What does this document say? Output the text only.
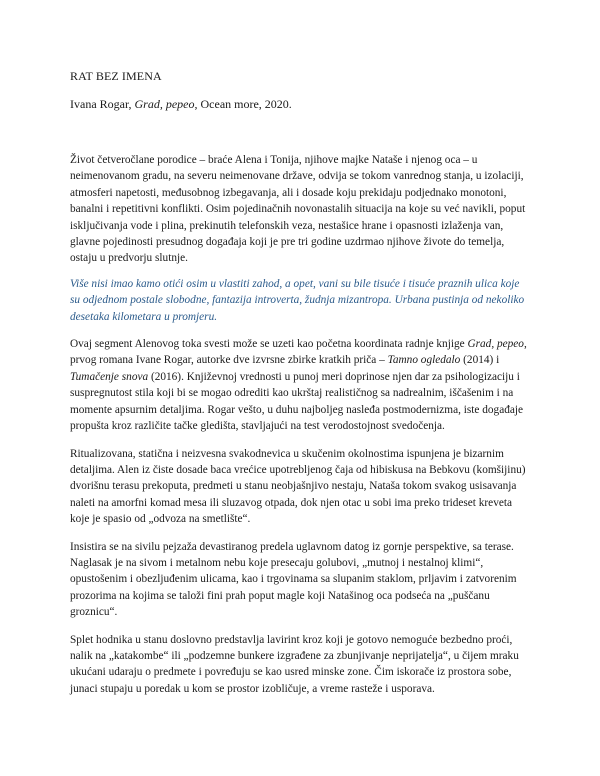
RAT BEZ IMENA

Ivana Rogar, Grad, pepeo, Ocean more, 2020.

Život četveročlane porodice – braće Alena i Tonija, njihove majke Nataše i njenog oca – u neimenovanom gradu, na severu neimenovane države, odvija se tokom vanrednog stanja, u izolaciji, atmosferi napetosti, međusobnog izbegavanja, ali i dosade koju prekidaju podjednako monotoni, banalni i repetitivni konflikti. Osim pojedinačnih novonastalih situacija na koje su već navikli, poput isključivanja vode i plina, prekinutih telefonskih veza, nestašice hrane i opasnosti izlaženja van, glavne pojedinosti presudnog događaja koji je pre tri godine uzdrmao njihove živote do temelja, ostaju u predvorju slutnje.

Više nisi imao kamo otići osim u vlastiti zahod, a opet, vani su bile tisuće i tisuće praznih ulica koje su odjednom postale slobodne, fantazija introverta, žudnja mizantropa. Urbana pustinja od nekoliko desetaka kilometara u promjeru.

Ovaj segment Alenovog toka svesti može se uzeti kao početna koordinata radnje knjige Grad, pepeo, prvog romana Ivane Rogar, autorke dve izvrsne zbirke kratkih priča – Tamno ogledalo (2014) i Tumačenje snova (2016). Književnoj vrednosti u punoj meri doprinose njen dar za psihologizaciju i suspregnutost stila koji bi se mogao odrediti kao ukrštaj realističnog sa nadrealnim, iščašenim i na momente apsurnim detaljima. Rogar vešto, u duhu najboljeg nasleđa postmodernizma, iste događaje propušta kroz različite tačke gledišta, stavljajući na test verodostojnost svedočenja.

Ritualizovana, statična i neizvesna svakodnevica u skučenim okolnostima ispunjena je bizarnim detaljima. Alen iz čiste dosade baca vrećice upotrebljenog čaja od hibiskusa na Bebkovu (komšijinu) dvorišnu terasu prekoputa, predmeti u stanu neobjašnjivo nestaju, Nataša tokom svakog usisavanja naleti na amorfni komad mesa ili sluzavog otpada, dok njen otac u sobi ima preko trideset kreveta koje je spasio od „odvoza na smetlište“.

Insistira se na sivilu pejzaža devastiranog predela uglavnom datog iz gornje perspektive, sa terase. Naglasak je na sivom i metalnom nebu koje presecaju golubovi, „mutnoj i nestalnoj klimi“, opustošenim i obezljuđenim ulicama, kao i trgovinama sa slupanim staklom, prljavim i zatvorenim prozorima na kojima se taloži fini prah poput magle koji Natašinog oca podseća na „puščanu groznicu“.

Splet hodnika u stanu doslovno predstavlja lavirint kroz koji je gotovo nemoguće bezbedno proći, nalik na „katakombe“ ili „podzemne bunkere izgrađene za zbunjivanje neprijatelja“, u čijem mraku ukućani udaraju o predmete i povređuju se kao usred minske zone. Čim iskorače iz prostora sobe, junaci stupaju u poredak u kom se prostor izobličuje, a vreme rasteže i usporava.
